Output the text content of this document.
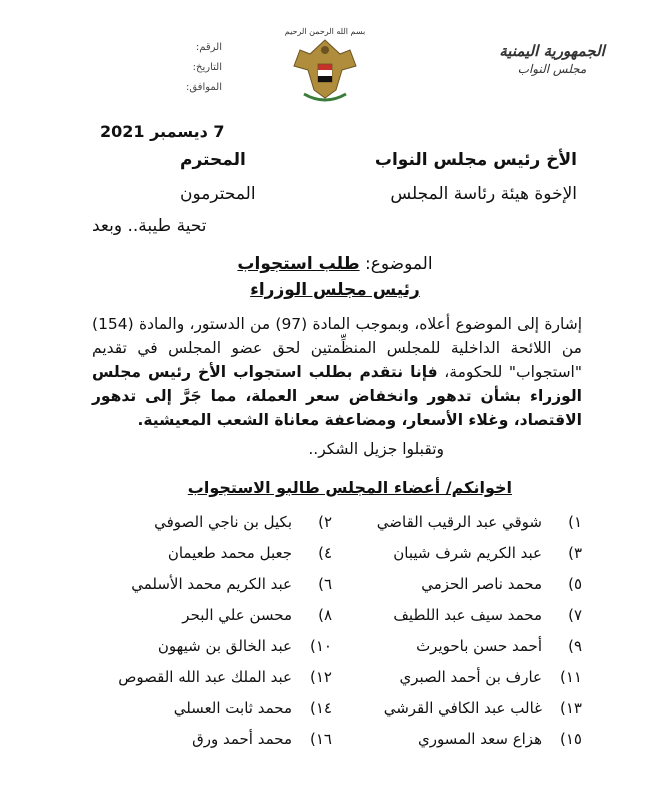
الجمهورية اليمنية
مجلس النواب
بسم الله الرحمن الرحيم
الرقم:
التاريخ:
الموافق:
7 ديسمبر 2021
الأخ رئيس مجلس النواب
المحترم
الإخوة هيئة رئاسة المجلس
المحترمون
تحية طيبة.. وبعد
الموضوع: طلب استجواب
رئيس مجلس الوزراء
إشارة إلى الموضوع أعلاه، وبموجب المادة (97) من الدستور، والمادة (154) من اللائحة الداخلية للمجلس المنظِّمتين لحق عضو المجلس في تقديم "استجواب" للحكومة، فإنا نتقدم بطلب استجواب الأخ رئيس مجلس الوزراء بشأن تدهور وانخفاض سعر العملة، مما جَرَّ إلى تدهور الاقتصاد، وغلاء الأسعار، ومضاعفة معاناة الشعب المعيشية.
وتقبلوا جزيل الشكر..
اخوانكم/ أعضاء المجلس طالبو الاستجواب
١)
شوقي عبد الرقيب القاضي
٢)
بكيل بن ناجي الصوفي
٣)
عبد الكريم شرف شيبان
٤)
جعبل محمد طعيمان
٥)
محمد ناصر الحزمي
٦)
عبد الكريم محمد الأسلمي
٧)
محمد سيف عبد اللطيف
٨)
محسن علي البحر
٩)
أحمد حسن باحويرث
١٠)
عبد الخالق بن شيهون
١١)
عارف بن أحمد الصبري
١٢)
عبد الملك عبد الله القصوص
١٣)
غالب عبد الكافي القرشي
١٤)
محمد ثابت العسلي
١٥)
هزاع سعد المسوري
١٦)
محمد أحمد ورق
